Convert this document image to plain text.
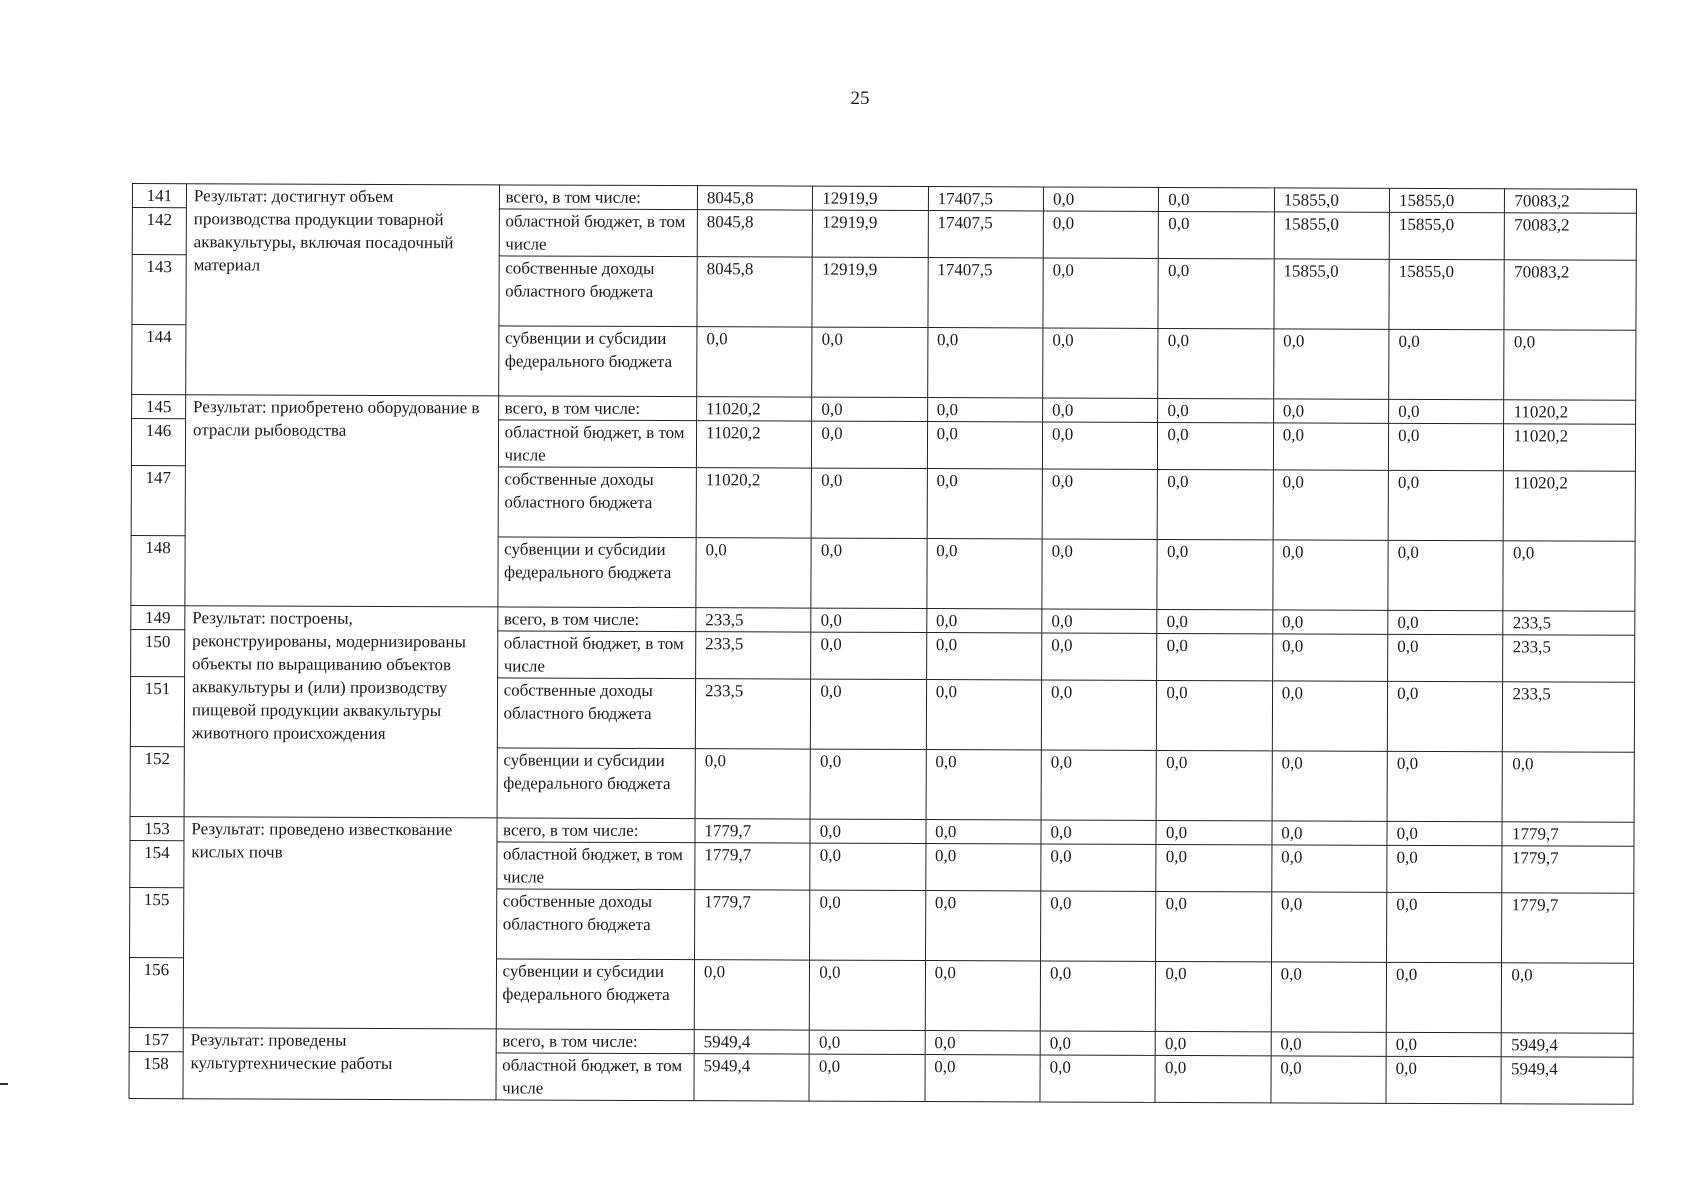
25
141	Результат: достигнут объем производства продукции товарной аквакультуры, включая посадочный материал	всего, в том числе:	8045,8	12919,9	17407,5	0,0	0,0	15855,0	15855,0	70083,2
142		областной бюджет, в том числе	8045,8	12919,9	17407,5	0,0	0,0	15855,0	15855,0	70083,2
143		собственные доходы областного бюджета	8045,8	12919,9	17407,5	0,0	0,0	15855,0	15855,0	70083,2
144		субвенции и субсидии федерального бюджета	0,0	0,0	0,0	0,0	0,0	0,0	0,0	0,0
145	Результат: приобретено оборудование в отрасли рыбоводства	всего, в том числе:	11020,2	0,0	0,0	0,0	0,0	0,0	0,0	11020,2
146		областной бюджет, в том числе	11020,2	0,0	0,0	0,0	0,0	0,0	0,0	11020,2
147		собственные доходы областного бюджета	11020,2	0,0	0,0	0,0	0,0	0,0	0,0	11020,2
148		субвенции и субсидии федерального бюджета	0,0	0,0	0,0	0,0	0,0	0,0	0,0	0,0
149	Результат: построены, реконструированы, модернизированы объекты по выращиванию объектов аквакультуры и (или) производству пищевой продукции аквакультуры животного происхождения	всего, в том числе:	233,5	0,0	0,0	0,0	0,0	0,0	0,0	233,5
150		областной бюджет, в том числе	233,5	0,0	0,0	0,0	0,0	0,0	0,0	233,5
151		собственные доходы областного бюджета	233,5	0,0	0,0	0,0	0,0	0,0	0,0	233,5
152		субвенции и субсидии федерального бюджета	0,0	0,0	0,0	0,0	0,0	0,0	0,0	0,0
153	Результат: проведено известкование кислых почв	всего, в том числе:	1779,7	0,0	0,0	0,0	0,0	0,0	0,0	1779,7
154		областной бюджет, в том числе	1779,7	0,0	0,0	0,0	0,0	0,0	0,0	1779,7
155		собственные доходы областного бюджета	1779,7	0,0	0,0	0,0	0,0	0,0	0,0	1779,7
156		субвенции и субсидии федерального бюджета	0,0	0,0	0,0	0,0	0,0	0,0	0,0	0,0
157	Результат: проведены культуртехнические работы	всего, в том числе:	5949,4	0,0	0,0	0,0	0,0	0,0	0,0	5949,4
158		областной бюджет, в том числе	5949,4	0,0	0,0	0,0	0,0	0,0	0,0	5949,4
